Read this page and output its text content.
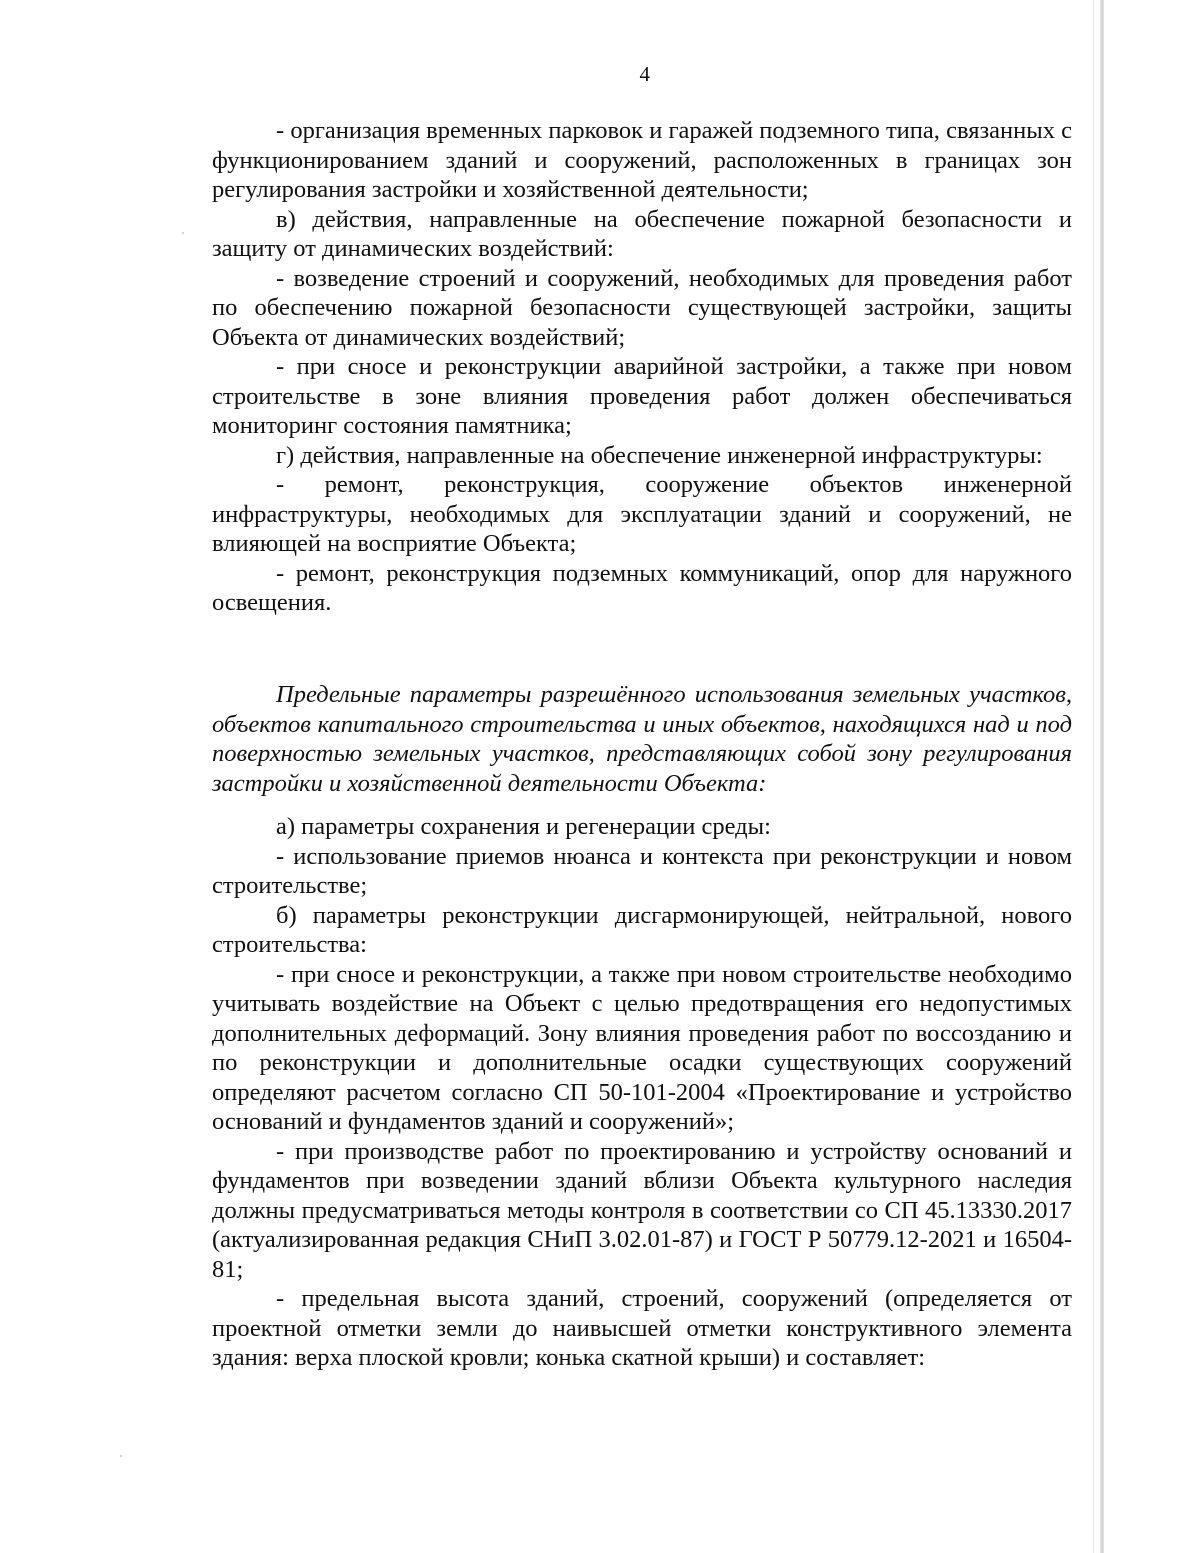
4

- организация временных парковок и гаражей подземного типа, связанных с функционированием зданий и сооружений, расположенных в границах зон регулирования застройки и хозяйственной деятельности;

в) действия, направленные на обеспечение пожарной безопасности и защиту от динамических воздействий:

- возведение строений и сооружений, необходимых для проведения работ по обеспечению пожарной безопасности существующей застройки, защиты Объекта от динамических воздействий;

- при сносе и реконструкции аварийной застройки, а также при новом строительстве в зоне влияния проведения работ должен обеспечиваться мониторинг состояния памятника;

г) действия, направленные на обеспечение инженерной инфраструктуры:

- ремонт, реконструкция, сооружение объектов инженерной инфраструктуры, необходимых для эксплуатации зданий и сооружений, не влияющей на восприятие Объекта;

- ремонт, реконструкция подземных коммуникаций, опор для наружного освещения.

Предельные параметры разрешённого использования земельных участков, объектов капитального строительства и иных объектов, находящихся над и под поверхностью земельных участков, представляющих собой зону регулирования застройки и хозяйственной деятельности Объекта:

а) параметры сохранения и регенерации среды:

- использование приемов нюанса и контекста при реконструкции и новом строительстве;

б) параметры реконструкции дисгармонирующей, нейтральной, нового строительства:

- при сносе и реконструкции, а также при новом строительстве необходимо учитывать воздействие на Объект с целью предотвращения его недопустимых дополнительных деформаций. Зону влияния проведения работ по воссозданию и по реконструкции и дополнительные осадки существующих сооружений определяют расчетом согласно СП 50-101-2004 «Проектирование и устройство оснований и фундаментов зданий и сооружений»;

- при производстве работ по проектированию и устройству оснований и фундаментов при возведении зданий вблизи Объекта культурного наследия должны предусматриваться методы контроля в соответствии со СП 45.13330.2017 (актуализированная редакция СНиП 3.02.01-87) и ГОСТ Р 50779.12-2021 и 16504-81;

- предельная высота зданий, строений, сооружений (определяется от проектной отметки земли до наивысшей отметки конструктивного элемента здания: верха плоской кровли; конька скатной крыши) и составляет:
